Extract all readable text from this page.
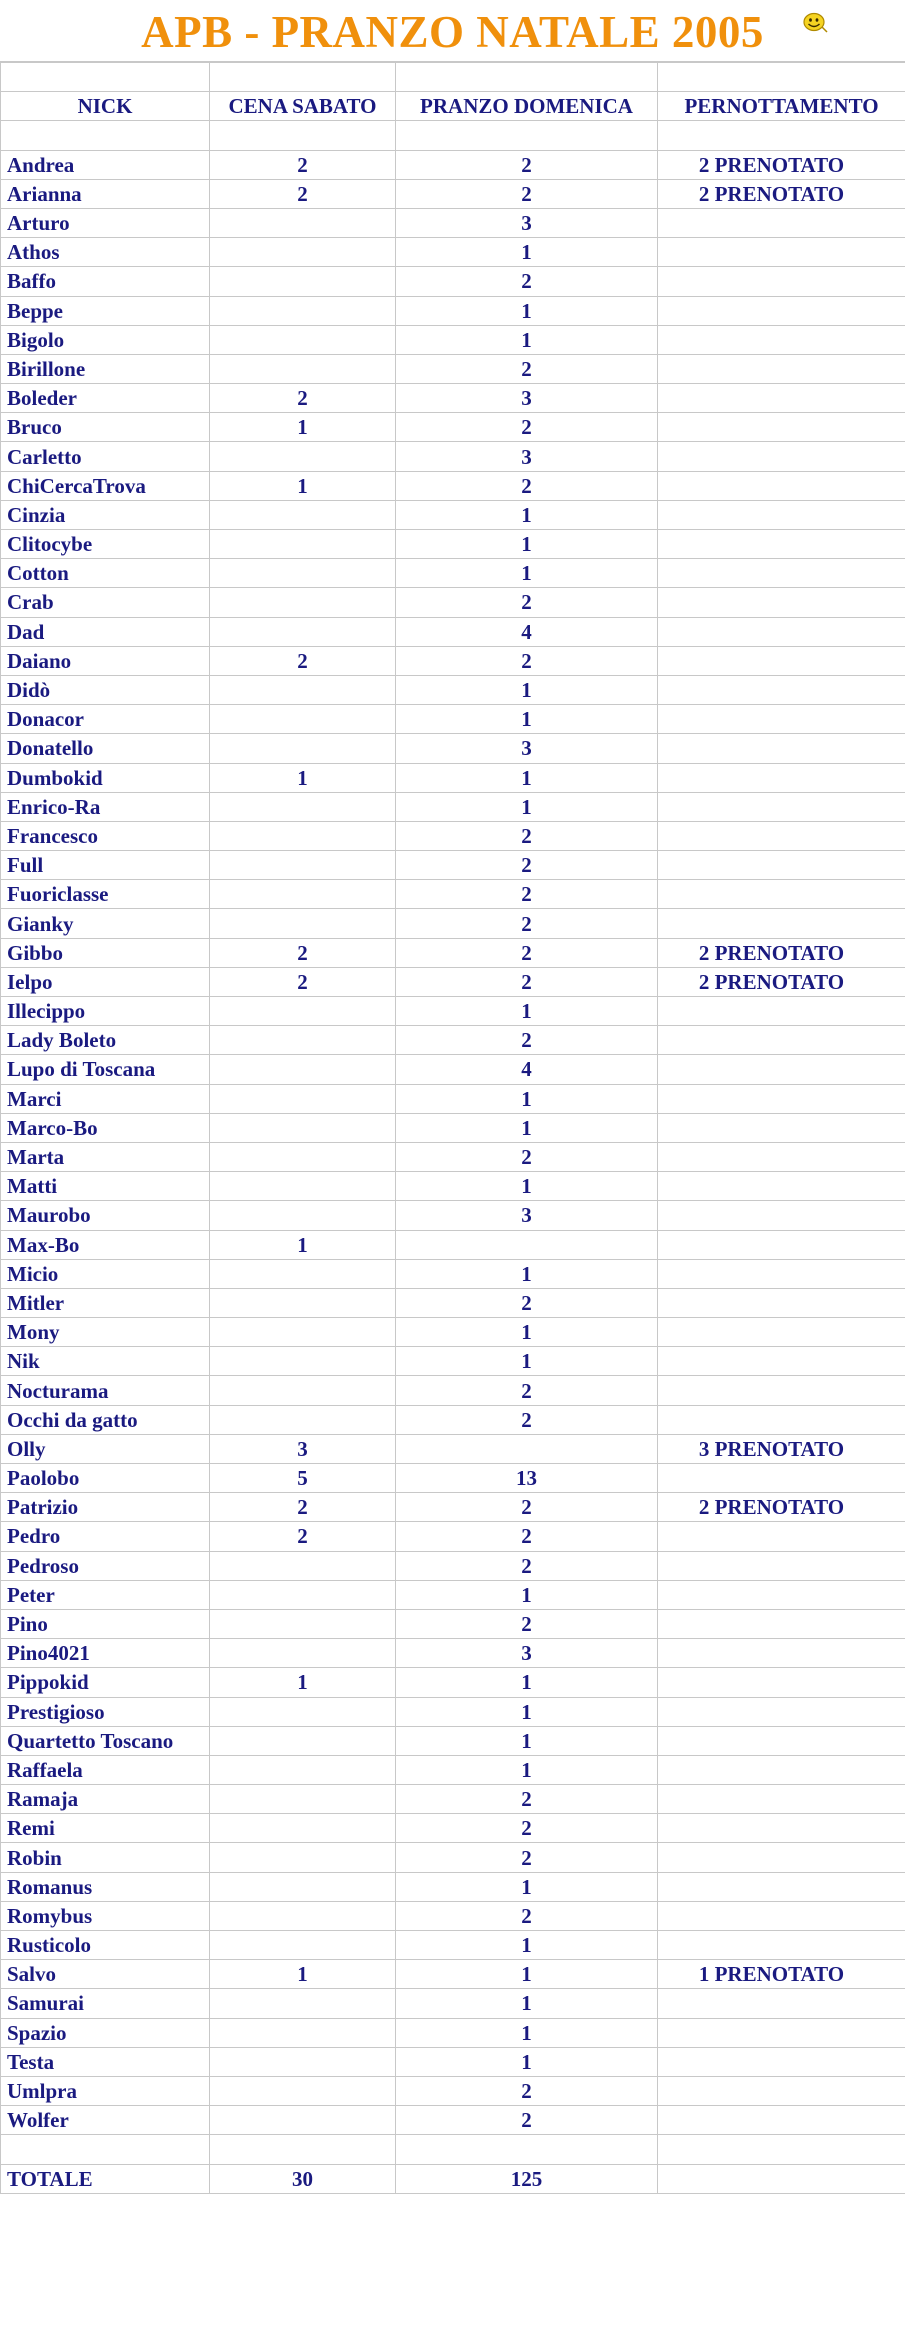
APB - PRANZO NATALE 2005

NICK	CENA SABATO	PRANZO DOMENICA	PERNOTTAMENTO

Andrea	2	2	2 PRENOTATO
Arianna	2	2	2 PRENOTATO
Arturo		3	
Athos		1	
Baffo		2	
Beppe		1	
Bigolo		1	
Birillone		2	
Boleder	2	3	
Bruco	1	2	
Carletto		3	
ChiCercaTrova	1	2	
Cinzia		1	
Clitocybe		1	
Cotton		1	
Crab		2	
Dad		4	
Daiano	2	2	
Didò		1	
Donacor		1	
Donatello		3	
Dumbokid	1	1	
Enrico-Ra		1	
Francesco		2	
Full		2	
Fuoriclasse		2	
Gianky		2	
Gibbo	2	2	2 PRENOTATO
Ielpo	2	2	2 PRENOTATO
Illecippo		1	
Lady Boleto		2	
Lupo di Toscana		4	
Marci		1	
Marco-Bo		1	
Marta		2	
Matti		1	
Maurobo		3	
Max-Bo	1		
Micio		1	
Mitler		2	
Mony		1	
Nik		1	
Nocturama		2	
Occhi da gatto		2	
Olly	3		3 PRENOTATO
Paolobo	5	13	
Patrizio	2	2	2 PRENOTATO
Pedro	2	2	
Pedroso		2	
Peter		1	
Pino		2	
Pino4021		3	
Pippokid	1	1	
Prestigioso		1	
Quartetto Toscano		1	
Raffaela		1	
Ramaja		2	
Remi		2	
Robin		2	
Romanus		1	
Romybus		2	
Rusticolo		1	
Salvo	1	1	1 PRENOTATO
Samurai		1	
Spazio		1	
Testa		1	
Umlpra		2	
Wolfer		2	

TOTALE	30	125	
